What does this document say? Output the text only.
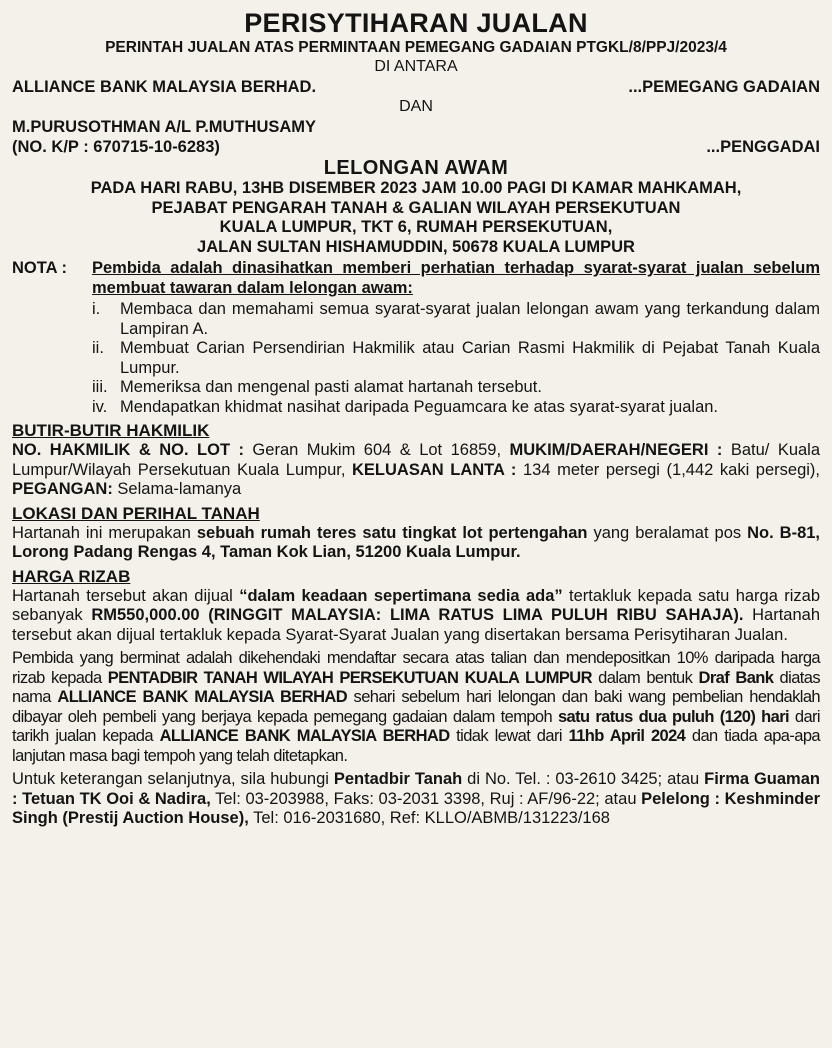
PERISYTIHARAN JUALAN
PERINTAH JUALAN ATAS PERMINTAAN PEMEGANG GADAIAN PTGKL/8/PPJ/2023/4
DI ANTARA
ALLIANCE BANK MALAYSIA BERHAD.	...PEMEGANG GADAIAN
DAN
M.PURUSOTHMAN A/L P.MUTHUSAMY
(NO. K/P : 670715-10-6283)	...PENGGADAI
LELONGAN AWAM
PADA HARI RABU, 13HB DISEMBER 2023 JAM 10.00 PAGI DI KAMAR MAHKAMAH,
PEJABAT PENGARAH TANAH & GALIAN WILAYAH PERSEKUTUAN
KUALA LUMPUR, TKT 6, RUMAH PERSEKUTUAN,
JALAN SULTAN HISHAMUDDIN, 50678 KUALA LUMPUR
NOTA :	Pembida adalah dinasihatkan memberi perhatian terhadap syarat-syarat jualan sebelum membuat tawaran dalam lelongan awam:
i.	Membaca dan memahami semua syarat-syarat jualan lelongan awam yang terkandung dalam Lampiran A.
ii. Membuat Carian Persendirian Hakmilik atau Carian Rasmi Hakmilik di Pejabat Tanah Kuala Lumpur.
iii. Memeriksa dan mengenal pasti alamat hartanah tersebut.
iv. Mendapatkan khidmat nasihat daripada Peguamcara ke atas syarat-syarat jualan.
BUTIR-BUTIR HAKMILIK

NO. HAKMILIK & NO. LOT : Geran Mukim 604 & Lot 16859, MUKIM/DAERAH/NEGERI : Batu/ Kuala Lumpur/Wilayah Persekutuan Kuala Lumpur, KELUASAN LANTA : 134 meter persegi (1,442 kaki persegi), PEGANGAN: Selama-lamanya

LOKASI DAN PERIHAL TANAH

Hartanah ini merupakan sebuah rumah teres satu tingkat lot pertengahan yang beralamat pos No. B-81, Lorong Padang Rengas 4, Taman Kok Lian, 51200 Kuala Lumpur.

HARGA RIZAB

Hartanah tersebut akan dijual “dalam keadaan sepertimana sedia ada” tertakluk kepada satu harga rizab sebanyak RM550,000.00 (RINGGIT MALAYSIA: LIMA RATUS LIMA PULUH RIBU SAHAJA). Hartanah tersebut akan dijual tertakluk kepada Syarat-Syarat Jualan yang disertakan bersama Perisytiharan Jualan.

Pembida yang berminat adalah dikehendaki mendaftar secara atas talian dan mendepositkan 10% daripada harga rizab kepada PENTADBIR TANAH WILAYAH PERSEKUTUAN KUALA LUMPUR dalam bentuk Draf Bank diatas nama ALLIANCE BANK MALAYSIA BERHAD sehari sebelum hari lelongan dan baki wang pembelian hendaklah dibayar oleh pembeli yang berjaya kepada pemegang gadaian dalam tempoh satu ratus dua puluh (120) hari dari tarikh jualan kepada ALLIANCE BANK MALAYSIA BERHAD tidak lewat dari 11hb April 2024 dan tiada apa-apa lanjutan masa bagi tempoh yang telah ditetapkan.

Untuk keterangan selanjutnya, sila hubungi Pentadbir Tanah di No. Tel. : 03-2610 3425; atau Firma Guaman : Tetuan TK Ooi & Nadira, Tel: 03-203988, Faks: 03-2031 3398, Ruj : AF/96-22; atau Pelelong : Keshminder Singh (Prestij Auction House), Tel: 016-2031680, Ref: KLLO/ABMB/131223/168
